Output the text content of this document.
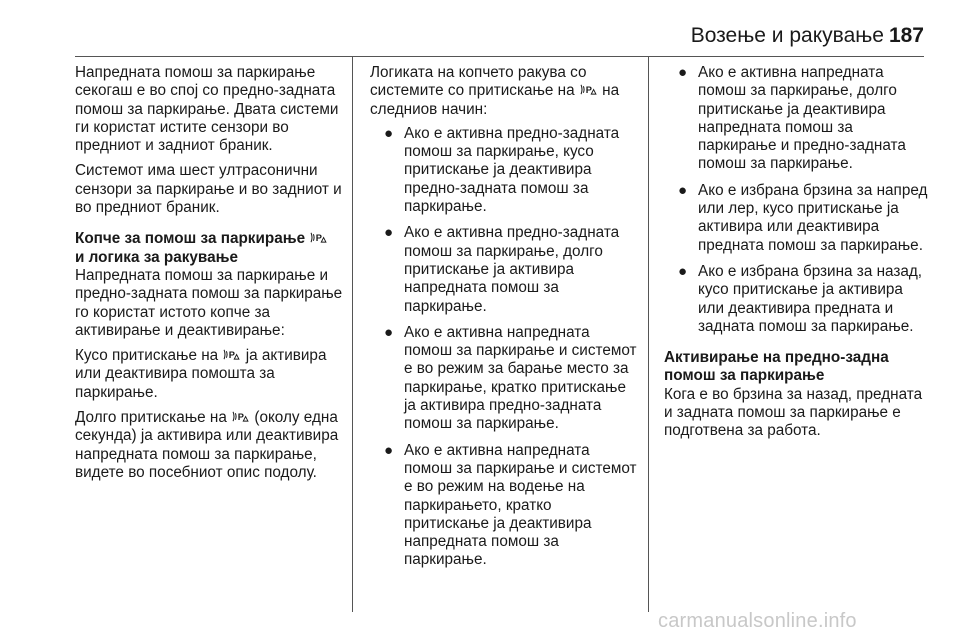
Возење и ракување 187

Напредната помош за паркирање секогаш е во спој со предно-задната помош за паркирање. Двата системи ги користат истите сензори во предниот и задниот браник.

Системот има шест ултрасонични сензори за паркирање и во задниот и во предниот браник.

Копче за помош за паркирање
и логика за ракување

Напредната помош за паркирање и предно-задната помош за паркирање го користат истото копче за активирање и деактивирање:

Кусо притискање на ја активира или деактивира помошта за паркирање.

Долго притискање на (околу една секунда) ја активира или деактивира напредната помош за паркирање, видете во посебниот опис подолу.

Логиката на копчето ракува со системите со притискање на на следниов начин:

● Ако е активна предно-задната помош за паркирање, кусо притискање ја деактивира предно-задната помош за паркирање.
● Ако е активна предно-задната помош за паркирање, долго притискање ја активира напредната помош за паркирање.
● Ако е активна напредната помош за паркирање и системот е во режим за барање место за паркирање, кратко притискање ја активира предно-задната помош за паркирање.
● Ако е активна напредната помош за паркирање и системот е во режим на водење на паркирањето, кратко притискање ја деактивира напредната помош за паркирање.
● Ако е активна напредната помош за паркирање, долго притискање ја деактивира напредната помош за паркирање и предно-задната помош за паркирање.
● Ако е избрана брзина за напред или лер, кусо притискање ја активира или деактивира предната помош за паркирање.
● Ако е избрана брзина за назад, кусо притискање ја активира или деактивира предната и задната помош за паркирање.
Активирање на предно-задна помош за паркирање

Кога е во брзина за назад, предната и задната помош за паркирање е подготвена за работа.

carmanualsonline.info
